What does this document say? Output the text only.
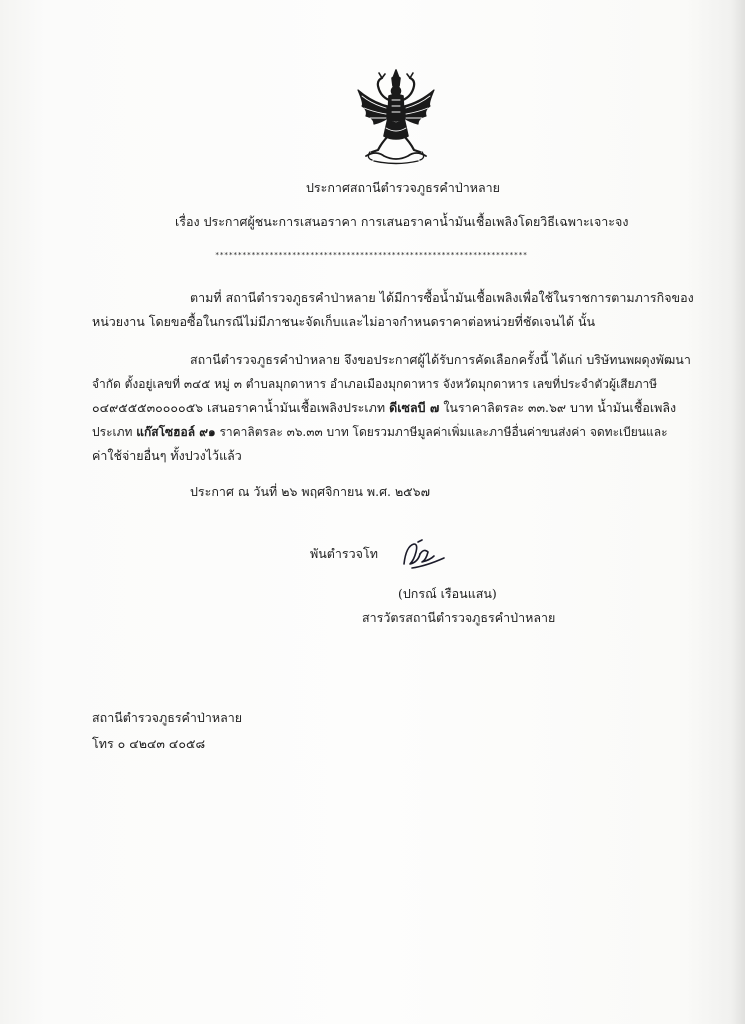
ประกาศสถานีตำรวจภูธรคำป่าหลาย
เรื่อง ประกาศผู้ชนะการเสนอราคา การเสนอราคาน้ำมันเชื้อเพลิงโดยวิธีเฉพาะเจาะจง
*********************************************************************
ตามที่ สถานีตำรวจภูธรคำป่าหลาย ได้มีการซื้อน้ำมันเชื้อเพลิงเพื่อใช้ในราชการตามภารกิจของ
หน่วยงาน โดยขอซื้อในกรณีไม่มีภาชนะจัดเก็บและไม่อาจกำหนดราคาต่อหน่วยที่ชัดเจนได้ นั้น
สถานีตำรวจภูธรคำป่าหลาย จึงขอประกาศผู้ได้รับการคัดเลือกครั้งนี้ ได้แก่ บริษัทนพผดุงพัฒนา
จำกัด ตั้งอยู่เลขที่ ๓๔๕ หมู่ ๓ ตำบลมุกดาหาร อำเภอเมืองมุกดาหาร จังหวัดมุกดาหาร เลขที่ประจำตัวผู้เสียภาษี
๐๔๙๕๕๕๓๐๐๐๐๕๖ เสนอราคาน้ำมันเชื้อเพลิงประเภท ดีเซลบี ๗ ในราคาลิตรละ ๓๓.๖๙ บาท น้ำมันเชื้อเพลิง
ประเภท แก๊สโซฮอล์ ๙๑ ราคาลิตรละ ๓๖.๓๓ บาท โดยรวมภาษีมูลค่าเพิ่มและภาษีอื่นค่าขนส่งค่า จดทะเบียนและ
ค่าใช้จ่ายอื่นๆ ทั้งปวงไว้แล้ว
ประกาศ ณ วันที่ ๒๖ พฤศจิกายน พ.ศ. ๒๕๖๗
พันตำรวจโท
(ปกรณ์ เรือนแสน)
สารวัตรสถานีตำรวจภูธรคำป่าหลาย
สถานีตำรวจภูธรคำป่าหลาย
โทร ๐ ๔๒๔๓ ๔๐๕๘
